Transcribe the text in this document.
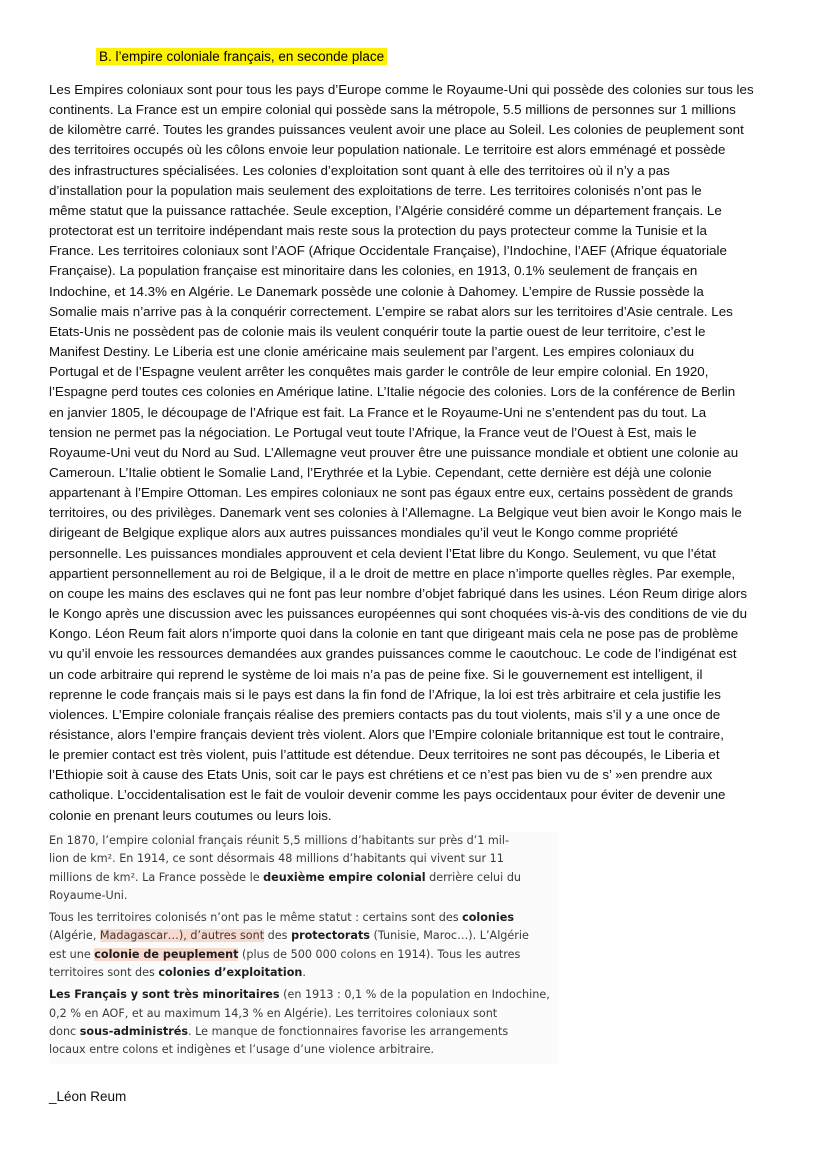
B. l’empire coloniale français, en seconde place
Les Empires coloniaux sont pour tous les pays d’Europe comme le Royaume-Uni qui possède des colonies sur tous les
continents. La France est un empire colonial qui possède sans la métropole, 5.5 millions de personnes sur 1 millions
de kilomètre carré. Toutes les grandes puissances veulent avoir une place au Soleil. Les colonies de peuplement sont
des territoires occupés où les côlons envoie leur population nationale. Le territoire est alors emménagé et possède
des infrastructures spécialisées. Les colonies d’exploitation sont quant à elle des territoires où il n’y a pas
d’installation pour la population mais seulement des exploitations de terre. Les territoires colonisés n’ont pas le
même statut que la puissance rattachée. Seule exception, l’Algérie considéré comme un département français. Le
protectorat est un territoire indépendant mais reste sous la protection du pays protecteur comme la Tunisie et la
France. Les territoires coloniaux sont l’AOF (Afrique Occidentale Française), l’Indochine, l’AEF (Afrique équatoriale
Française). La population française est minoritaire dans les colonies, en 1913, 0.1% seulement de français en
Indochine, et 14.3% en Algérie. Le Danemark possède une colonie à Dahomey. L’empire de Russie possède la
Somalie mais n’arrive pas à la conquérir correctement. L’empire se rabat alors sur les territoires d’Asie centrale. Les
Etats-Unis ne possèdent pas de colonie mais ils veulent conquérir toute la partie ouest de leur territoire, c’est le
Manifest Destiny. Le Liberia est une clonie américaine mais seulement par l’argent. Les empires coloniaux du
Portugal et de l’Espagne veulent arrêter les conquêtes mais garder le contrôle de leur empire colonial. En 1920,
l’Espagne perd toutes ces colonies en Amérique latine. L’Italie négocie des colonies. Lors de la conférence de Berlin
en janvier 1805, le découpage de l’Afrique est fait. La France et le Royaume-Uni ne s’entendent pas du tout. La
tension ne permet pas la négociation. Le Portugal veut toute l’Afrique, la France veut de l’Ouest à Est, mais le
Royaume-Uni veut du Nord au Sud. L’Allemagne veut prouver être une puissance mondiale et obtient une colonie au
Cameroun. L’Italie obtient le Somalie Land, l’Erythrée et la Lybie. Cependant, cette dernière est déjà une colonie
appartenant à l’Empire Ottoman. Les empires coloniaux ne sont pas égaux entre eux, certains possèdent de grands
territoires, ou des privilèges. Danemark vent ses colonies à l’Allemagne. La Belgique veut bien avoir le Kongo mais le
dirigeant de Belgique explique alors aux autres puissances mondiales qu’il veut le Kongo comme propriété
personnelle. Les puissances mondiales approuvent et cela devient l’Etat libre du Kongo. Seulement, vu que l’état
appartient personnellement au roi de Belgique, il a le droit de mettre en place n’importe quelles règles. Par exemple,
on coupe les mains des esclaves qui ne font pas leur nombre d’objet fabriqué dans les usines. Léon Reum dirige alors
le Kongo après une discussion avec les puissances européennes qui sont choquées vis-à-vis des conditions de vie du
Kongo. Léon Reum fait alors n’importe quoi dans la colonie en tant que dirigeant mais cela ne pose pas de problème
vu qu’il envoie les ressources demandées aux grandes puissances comme le caoutchouc. Le code de l’indigénat est
un code arbitraire qui reprend le système de loi mais n’a pas de peine fixe. Si le gouvernement est intelligent, il
reprenne le code français mais si le pays est dans la fin fond de l’Afrique, la loi est très arbitraire et cela justifie les
violences. L’Empire coloniale français réalise des premiers contacts pas du tout violents, mais s’il y a une once de
résistance, alors l’empire français devient très violent. Alors que l’Empire coloniale britannique est tout le contraire,
le premier contact est très violent, puis l’attitude est détendue. Deux territoires ne sont pas découpés, le Liberia et
l’Ethiopie soit à cause des Etats Unis, soit car le pays est chrétiens et ce n’est pas bien vu de s’ »en prendre aux
catholique. L’occidentalisation est le fait de vouloir devenir comme les pays occidentaux pour éviter de devenir une
colonie en prenant leurs coutumes ou leurs lois.

En 1870, l’empire colonial français réunit 5,5 millions d’habitants sur près d’1 mil-
lion de km². En 1914, ce sont désormais 48 millions d’habitants qui vivent sur 11
millions de km². La France possède le deuxième empire colonial derrière celui du
Royaume-Uni.

Tous les territoires colonisés n’ont pas le même statut : certains sont des colonies
(Algérie, Madagascar…), d’autres sont des protectorats (Tunisie, Maroc…). L’Algérie
est une colonie de peuplement (plus de 500 000 colons en 1914). Tous les autres
territoires sont des colonies d’exploitation.

Les Français y sont très minoritaires (en 1913 : 0,1 % de la population en Indochine,
0,2 % en AOF, et au maximum 14,3 % en Algérie). Les territoires coloniaux sont
donc sous-administrés. Le manque de fonctionnaires favorise les arrangements
locaux entre colons et indigènes et l’usage d’une violence arbitraire.

_Léon Reum
